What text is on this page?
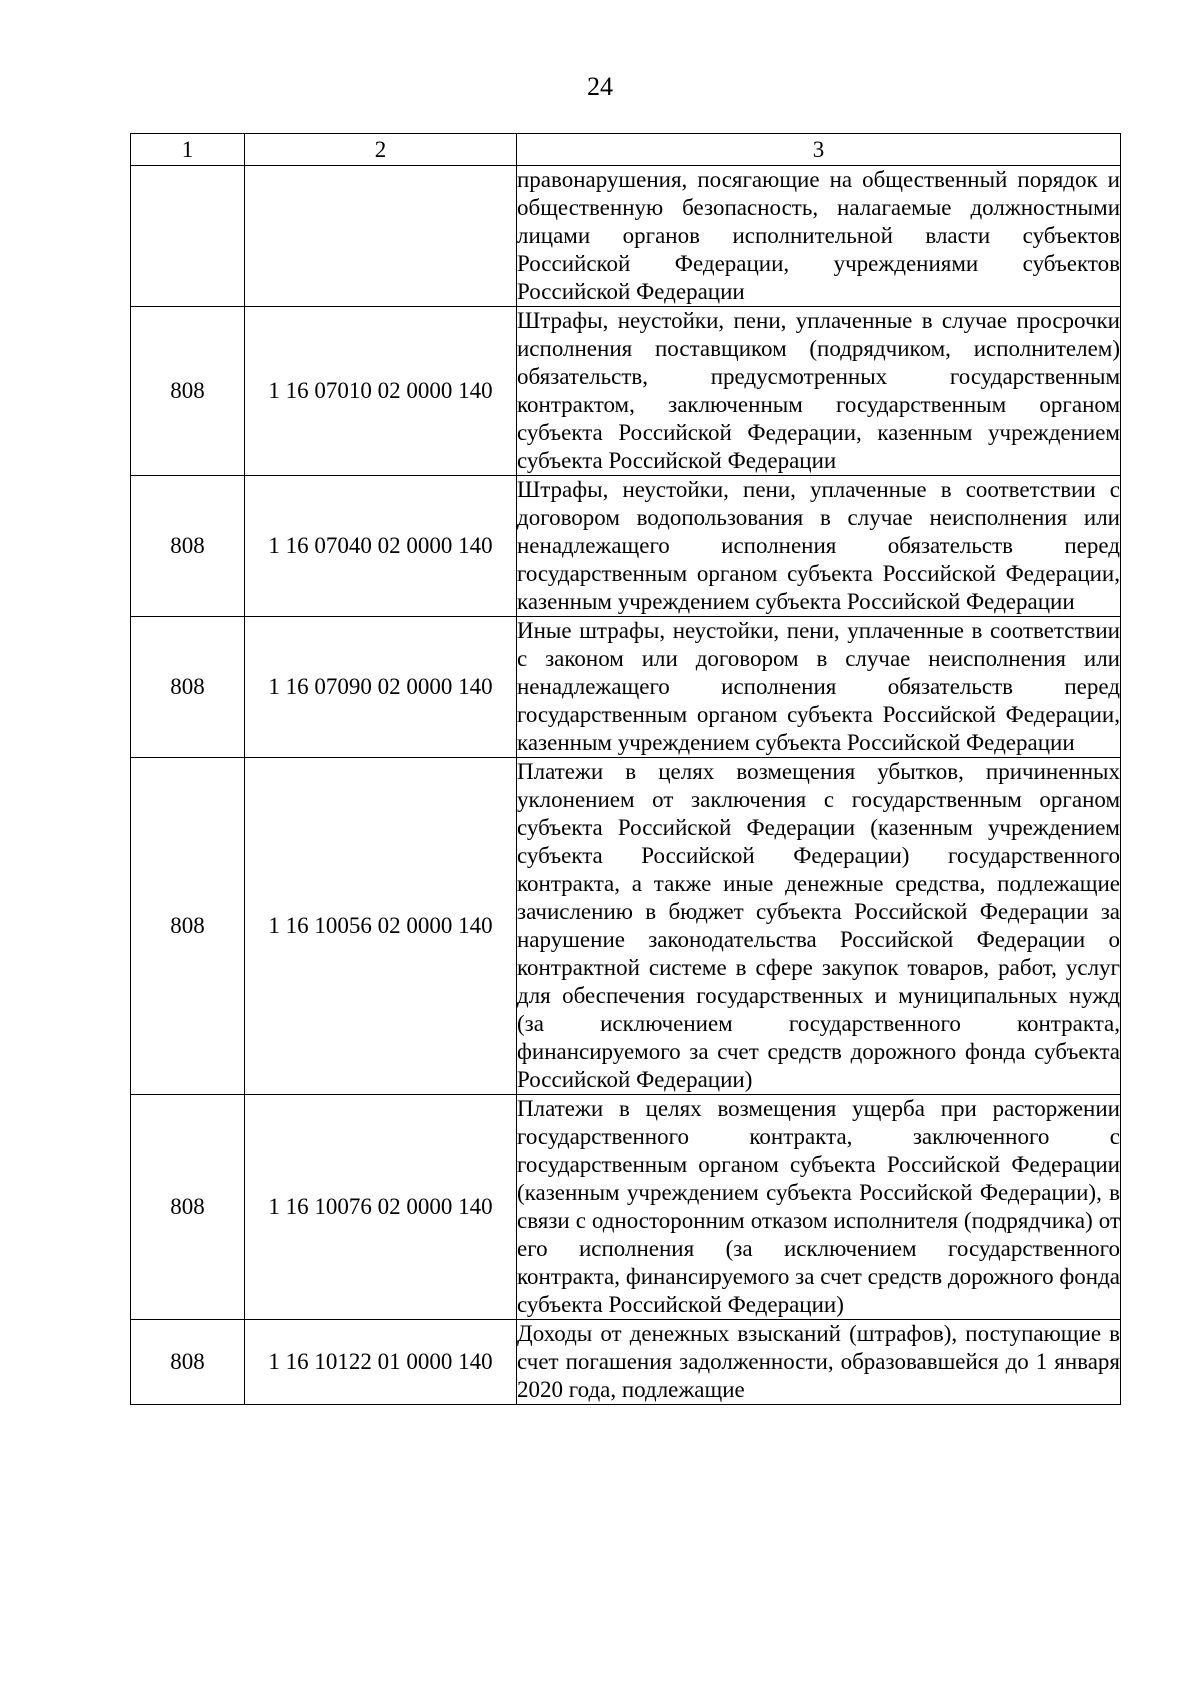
24
1	2	3
		правонарушения, посягающие на общественный порядок и общественную безопасность, налагаемые должностными лицами органов исполнительной власти субъектов Российской Федерации, учреждениями субъектов Российской Федерации
808	1 16 07010 02 0000 140	Штрафы, неустойки, пени, уплаченные в случае просрочки исполнения поставщиком (подрядчиком, исполнителем) обязательств, предусмотренных государственным контрактом, заключенным государственным органом субъекта Российской Федерации, казенным учреждением субъекта Российской Федерации
808	1 16 07040 02 0000 140	Штрафы, неустойки, пени, уплаченные в соответствии с договором водопользования в случае неисполнения или ненадлежащего исполнения обязательств перед государственным органом субъекта Российской Федерации, казенным учреждением субъекта Российской Федерации
808	1 16 07090 02 0000 140	Иные штрафы, неустойки, пени, уплаченные в соответствии с законом или договором в случае неисполнения или ненадлежащего исполнения обязательств перед государственным органом субъекта Российской Федерации, казенным учреждением субъекта Российской Федерации
808	1 16 10056 02 0000 140	Платежи в целях возмещения убытков, причиненных уклонением от заключения с государственным органом субъекта Российской Федерации (казенным учреждением субъекта Российской Федерации) государственного контракта, а также иные денежные средства, подлежащие зачислению в бюджет субъекта Российской Федерации за нарушение законодательства Российской Федерации о контрактной системе в сфере закупок товаров, работ, услуг для обеспечения государственных и муниципальных нужд (за исключением государственного контракта, финансируемого за счет средств дорожного фонда субъекта Российской Федерации)
808	1 16 10076 02 0000 140	Платежи в целях возмещения ущерба при расторжении государственного контракта, заключенного с государственным органом субъекта Российской Федерации (казенным учреждением субъекта Российской Федерации), в связи с односторонним отказом исполнителя (подрядчика) от его исполнения (за исключением государственного контракта, финансируемого за счет средств дорожного фонда субъекта Российской Федерации)
808	1 16 10122 01 0000 140	Доходы от денежных взысканий (штрафов), поступающие в счет погашения задолженности, образовавшейся до 1 января 2020 года, подлежащие
